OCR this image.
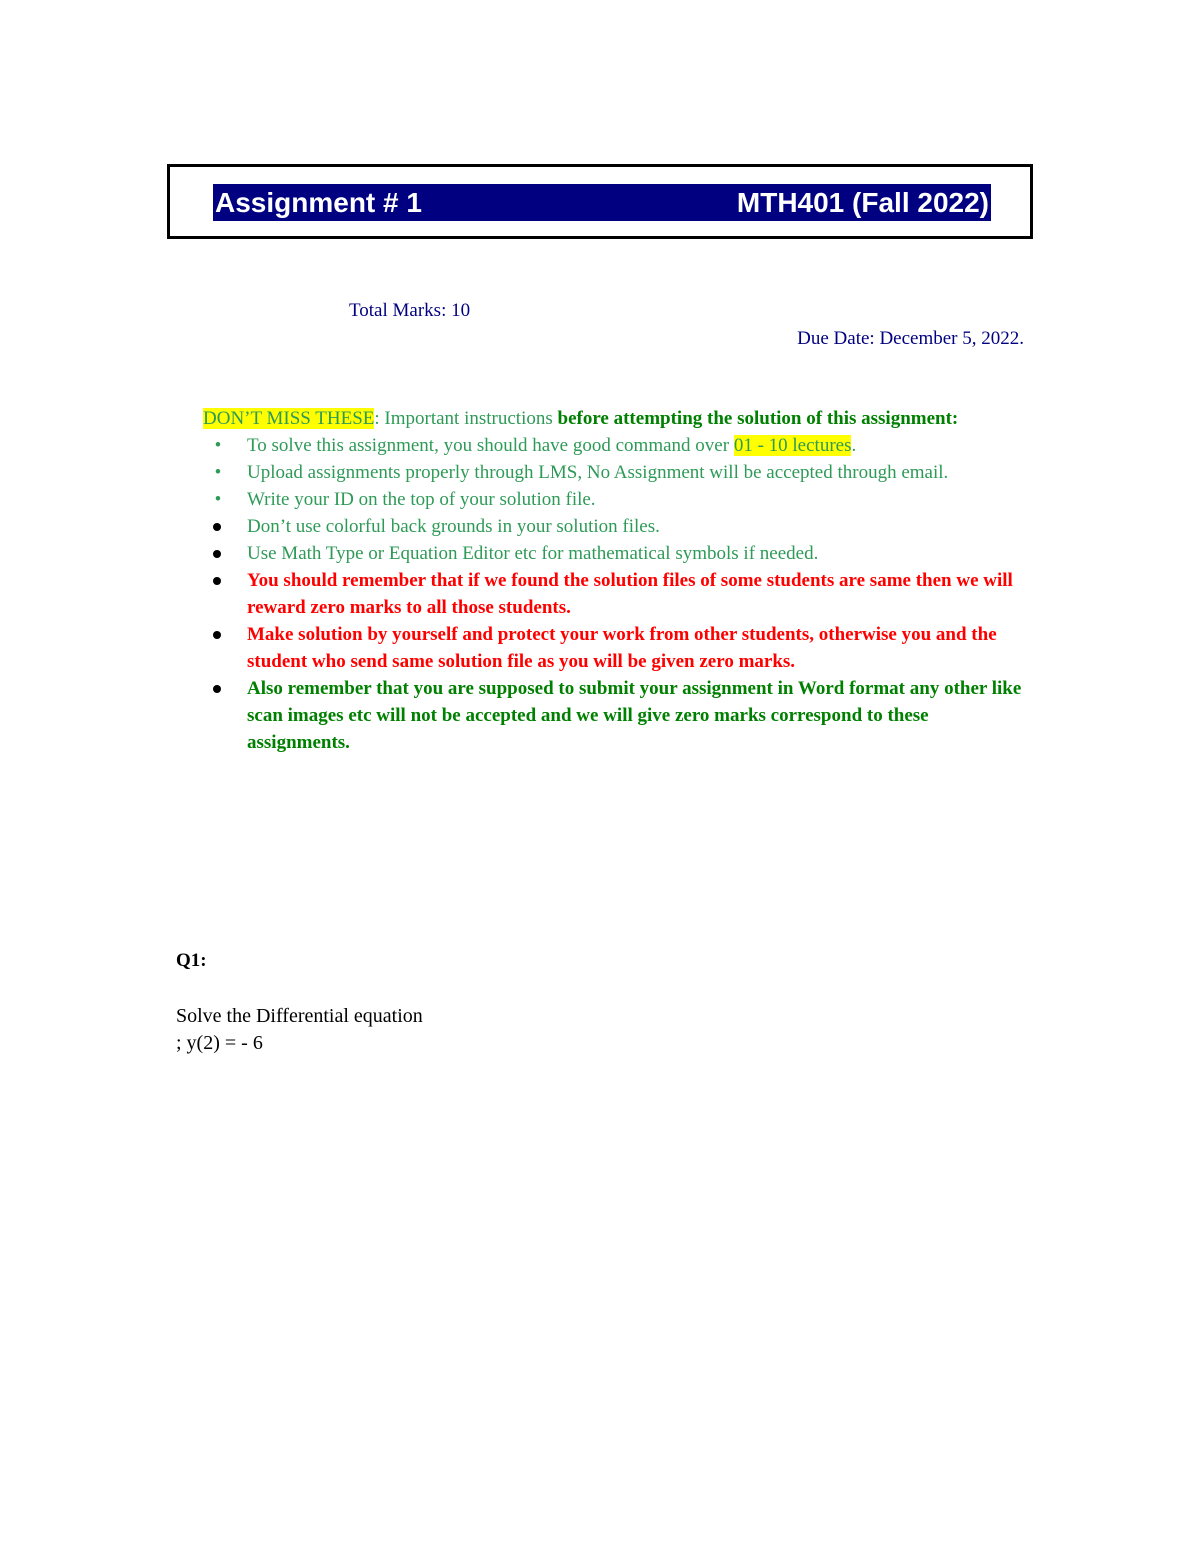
Assignment # 1	MTH401 (Fall 2022)
Total Marks: 10
Due Date: December 5, 2022.
DON’T MISS THESE: Important instructions before attempting the solution of this assignment:
• To solve this assignment, you should have good command over 01 - 10 lectures.
• Upload assignments properly through LMS, No Assignment will be accepted through email.
• Write your ID on the top of your solution file.
Don’t use colorful back grounds in your solution files.
Use Math Type or Equation Editor etc for mathematical symbols if needed.
You should remember that if we found the solution files of some students are same then we will reward zero marks to all those students.
Make solution by yourself and protect your work from other students, otherwise you and the student who send same solution file as you will be given zero marks.
Also remember that you are supposed to submit your assignment in Word format any other like scan images etc will not be accepted and we will give zero marks correspond to these assignments.
Q1:
Solve the Differential equation
; y(2) = - 6
